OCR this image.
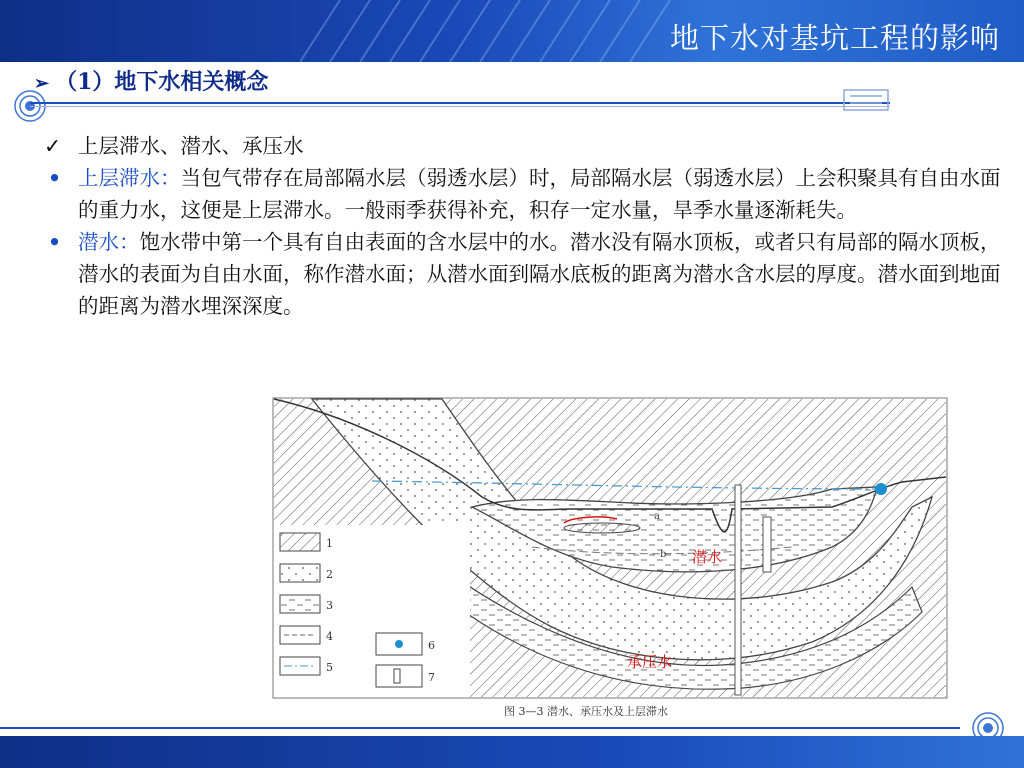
地下水对基坑工程的影响
➢ （1）地下水相关概念
✓ 上层滞水、潜水、承压水
• 上层滞水：当包气带存在局部隔水层（弱透水层）时，局部隔水层（弱透水层）上会积聚具有自由水面的重力水，这便是上层滞水。一般雨季获得补充，积存一定水量，旱季水量逐渐耗失。
• 潜水：饱水带中第一个具有自由表面的含水层中的水。潜水没有隔水顶板，或者只有局部的隔水顶板，潜水的表面为自由水面，称作潜水面；从潜水面到隔水底板的距离为潜水含水层的厚度。潜水面到地面的距离为潜水埋深深度。
a
b 潜水
承压水
1
2
3
4
5
6
7
图 3—3 潜水、承压水及上层滞水
